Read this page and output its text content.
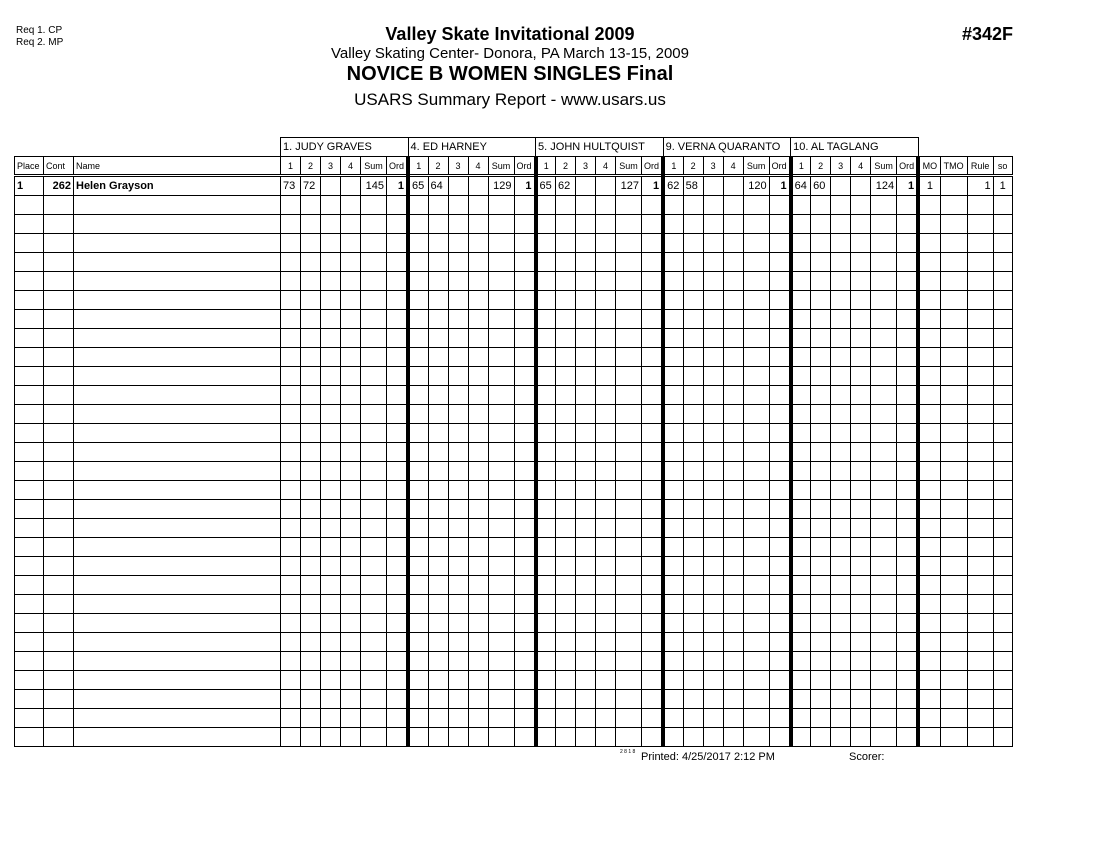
Req 1. CP
Req 2. MP	Valley Skate Invitational 2009
Valley Skating Center- Donora, PA March 13-15, 2009
NOVICE B WOMEN SINGLES Final
USARS Summary Report - www.usars.us
#342F
			1. JUDY GRAVES						4. ED HARNEY						5. JOHN HULTQUIST						9. VERNA QUARANTO						10. AL TAGLANG									
Place	Cont	Name	1	2	3	4	Sum	Ord	1	2	3	4	Sum	Ord	1	2	3	4	Sum	Ord	1	2	3	4	Sum	Ord	1	2	3	4	Sum	Ord	MO	TMO	Rule	so
1	262	Helen Grayson	73	72			145	1	65	64			129	1	65	62			127	1	62	58			120	1	64	60			124	1	1		1	1

2 8 1 8 Printed: 4/25/2017 2:12 PM	Scorer:
